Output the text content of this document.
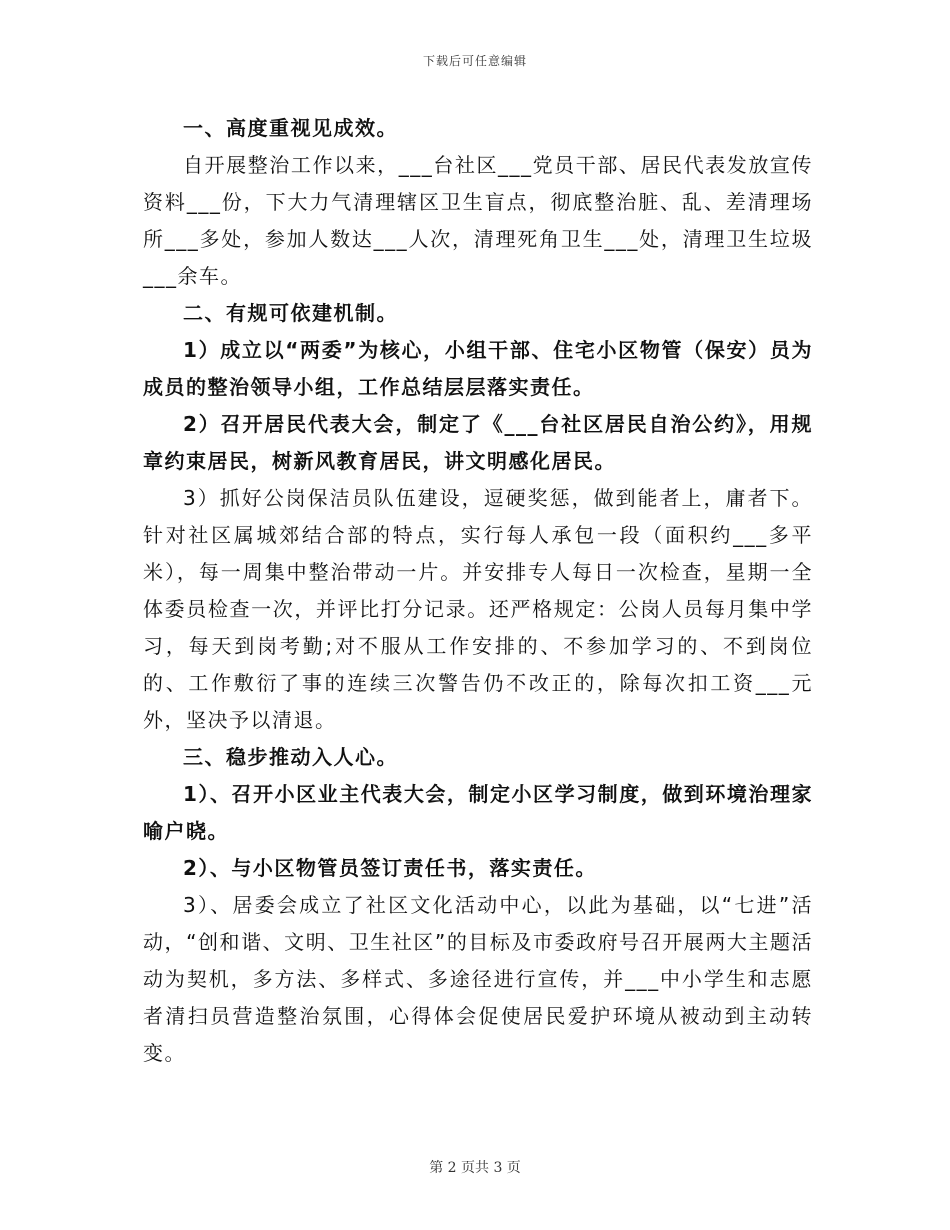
下载后可任意编辑

一、高度重视见成效。

自开展整治工作以来，___台社区___党员干部、居民代表发放宣传资料___份，下大力气清理辖区卫生盲点，彻底整治脏、乱、差清理场所___多处，参加人数达___人次，清理死角卫生___处，清理卫生垃圾___余车。

二、有规可依建机制。

1）成立以“两委”为核心，小组干部、住宅小区物管（保安）员为成员的整治领导小组，工作总结层层落实责任。

2）召开居民代表大会，制定了《___台社区居民自治公约》，用规章约束居民，树新风教育居民，讲文明感化居民。

3）抓好公岗保洁员队伍建设，逗硬奖惩，做到能者上，庸者下。针对社区属城郊结合部的特点，实行每人承包一段（面积约___多平米），每一周集中整治带动一片。并安排专人每日一次检查，星期一全体委员检查一次，并评比打分记录。还严格规定：公岗人员每月集中学习，每天到岗考勤;对不服从工作安排的、不参加学习的、不到岗位的、工作敷衍了事的连续三次警告仍不改正的，除每次扣工资___元外，坚决予以清退。

三、稳步推动入人心。

1）、召开小区业主代表大会，制定小区学习制度，做到环境治理家喻户晓。

2）、与小区物管员签订责任书，落实责任。

3）、居委会成立了社区文化活动中心，以此为基础，以“七进”活动，“创和谐、文明、卫生社区”的目标及市委政府号召开展两大主题活动为契机，多方法、多样式、多途径进行宣传，并___中小学生和志愿者清扫员营造整治氛围，心得体会促使居民爱护环境从被动到主动转变。

第 2 页共 3 页
